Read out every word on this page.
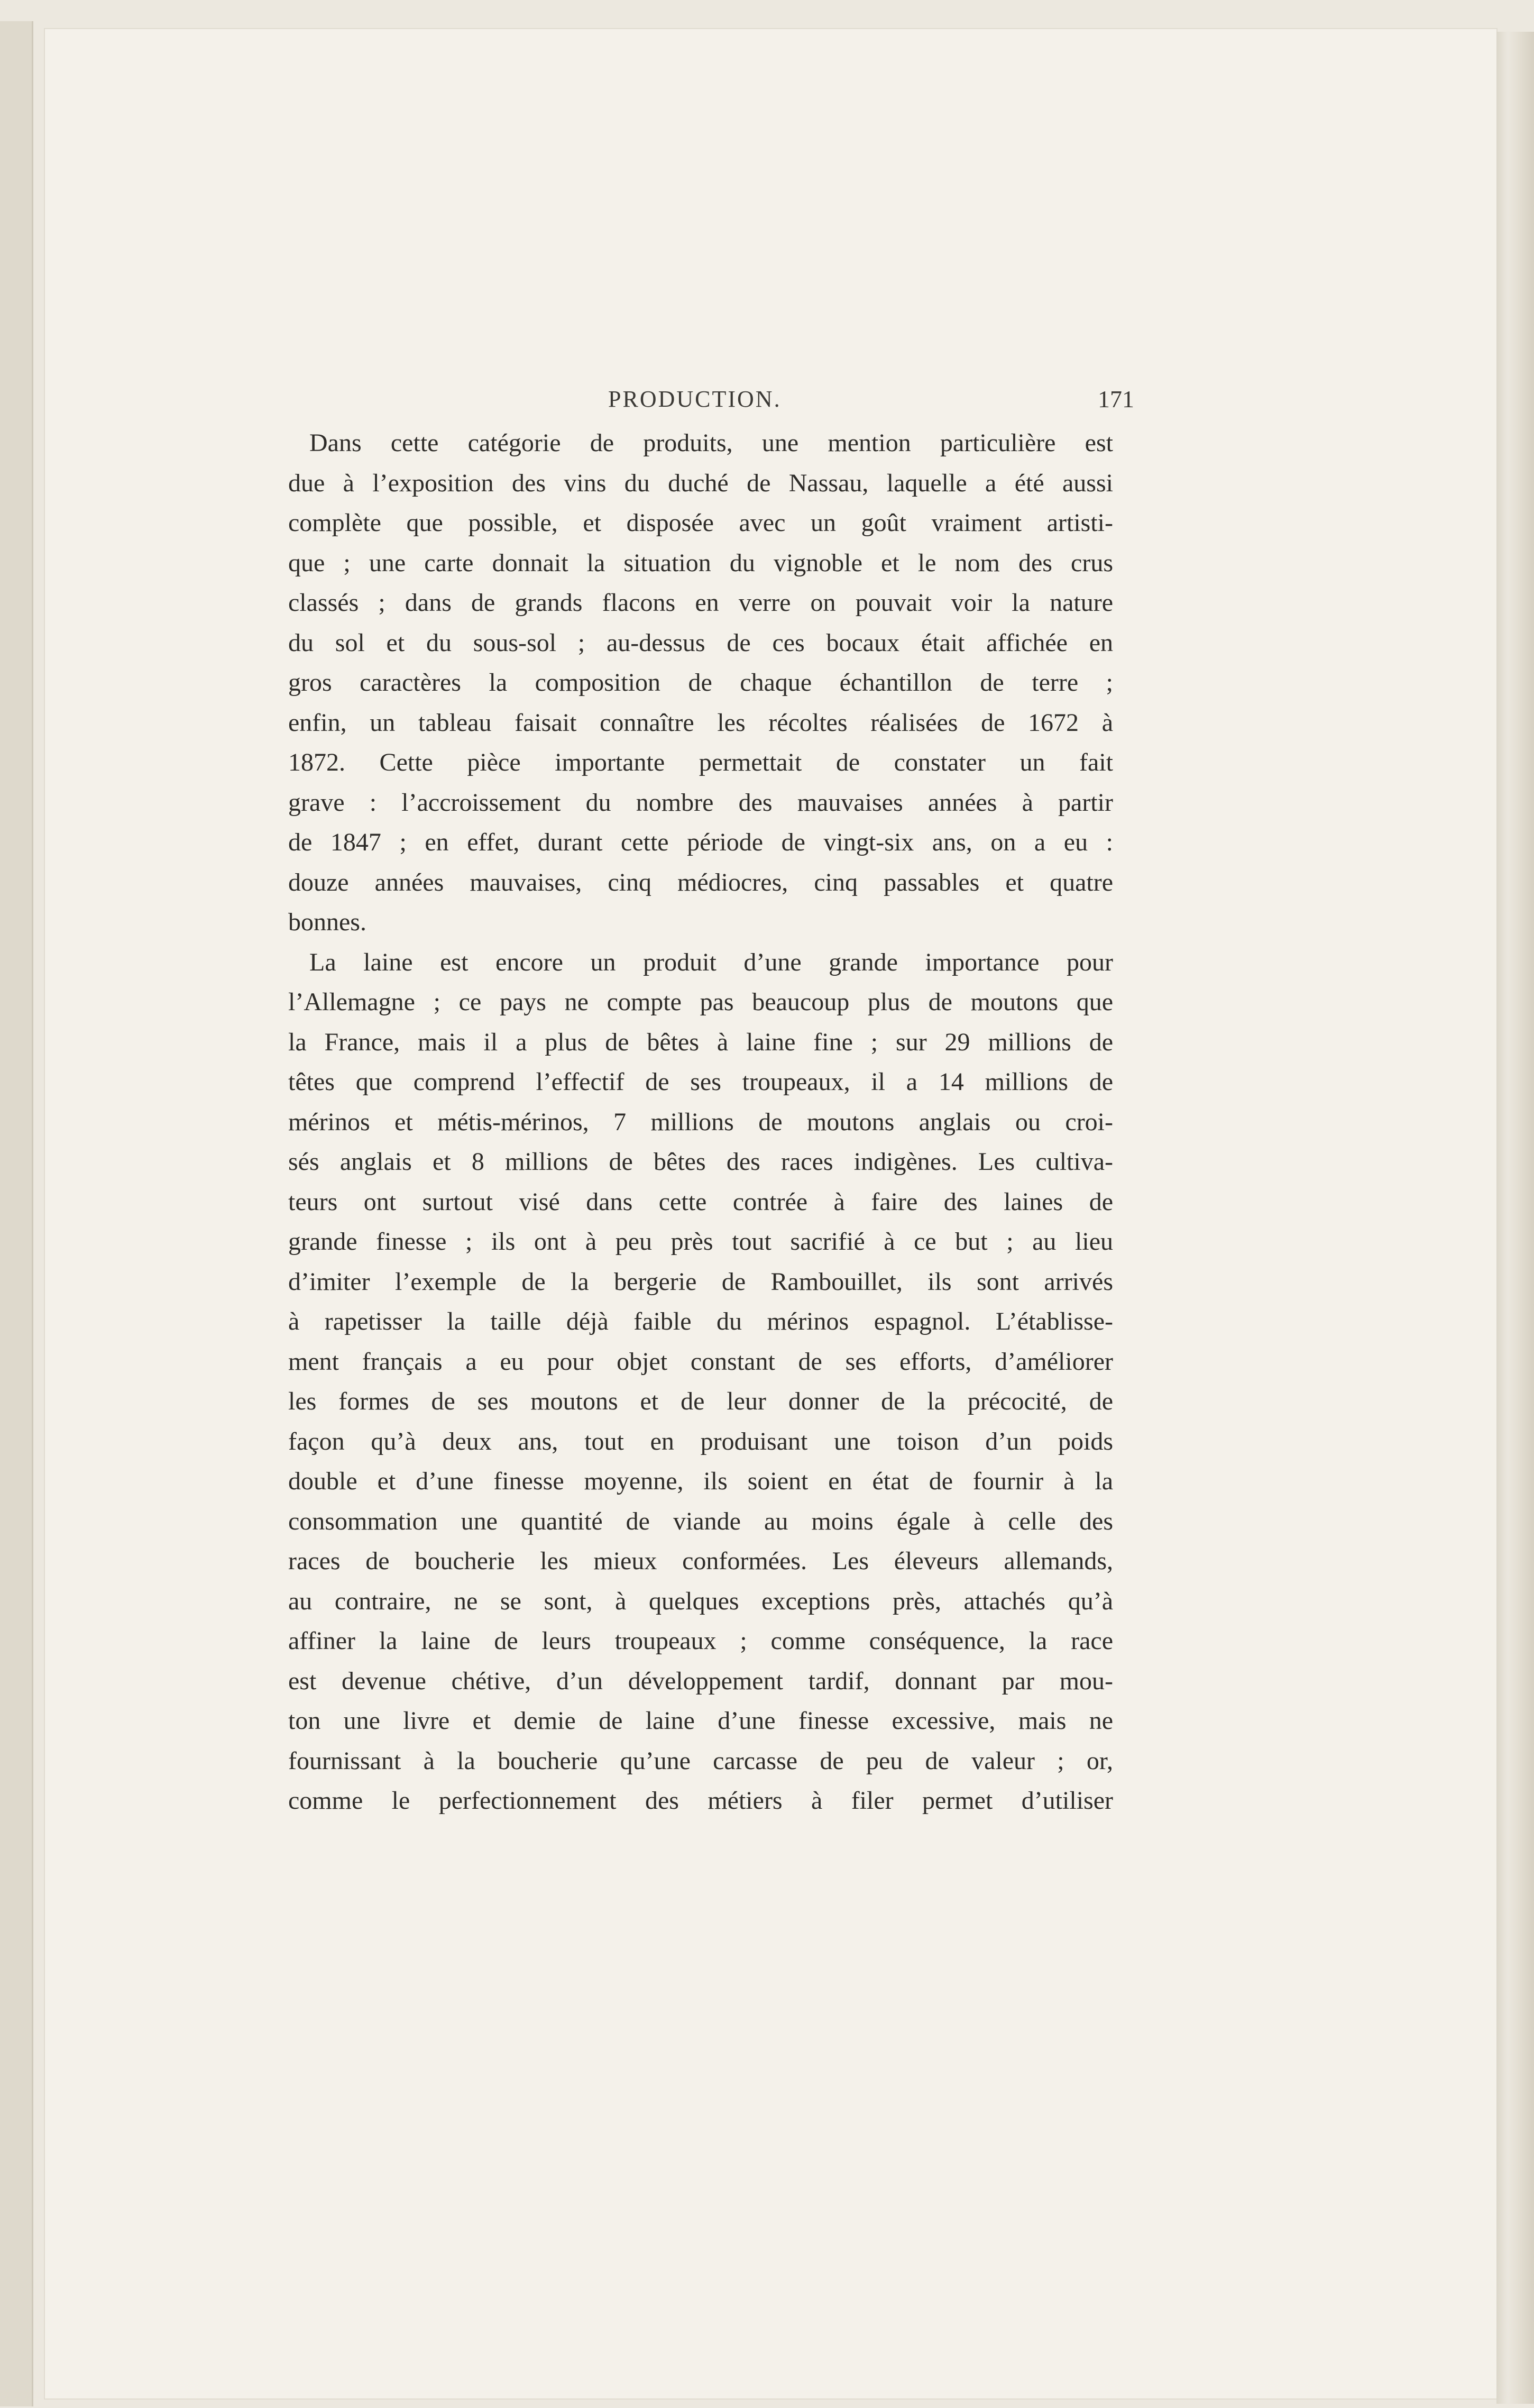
PRODUCTION.	171
Dans cette catégorie de produits, une mention particulière est
due à l’exposition des vins du duché de Nassau, laquelle a été aussi
complète que possible, et disposée avec un goût vraiment artisti-
que ; une carte donnait la situation du vignoble et le nom des crus
classés ; dans de grands flacons en verre on pouvait voir la nature
du sol et du sous-sol ; au-dessus de ces bocaux était affichée en
gros caractères la composition de chaque échantillon de terre ;
enfin, un tableau faisait connaître les récoltes réalisées de 1672 à
1872. Cette pièce importante permettait de constater un fait
grave : l’accroissement du nombre des mauvaises années à partir
de 1847 ; en effet, durant cette période de vingt-six ans, on a eu :
douze années mauvaises, cinq médiocres, cinq passables et quatre
bonnes.
La laine est encore un produit d’une grande importance pour
l’Allemagne ; ce pays ne compte pas beaucoup plus de moutons que
la France, mais il a plus de bêtes à laine fine ; sur 29 millions de
têtes que comprend l’effectif de ses troupeaux, il a 14 millions de
mérinos et métis-mérinos, 7 millions de moutons anglais ou croi-
sés anglais et 8 millions de bêtes des races indigènes. Les cultiva-
teurs ont surtout visé dans cette contrée à faire des laines de
grande finesse ; ils ont à peu près tout sacrifié à ce but ; au lieu
d’imiter l’exemple de la bergerie de Rambouillet, ils sont arrivés
à rapetisser la taille déjà faible du mérinos espagnol. L’établisse-
ment français a eu pour objet constant de ses efforts, d’améliorer
les formes de ses moutons et de leur donner de la précocité, de
façon qu’à deux ans, tout en produisant une toison d’un poids
double et d’une finesse moyenne, ils soient en état de fournir à la
consommation une quantité de viande au moins égale à celle des
races de boucherie les mieux conformées. Les éleveurs allemands,
au contraire, ne se sont, à quelques exceptions près, attachés qu’à
affiner la laine de leurs troupeaux ; comme conséquence, la race
est devenue chétive, d’un développement tardif, donnant par mou-
ton une livre et demie de laine d’une finesse excessive, mais ne
fournissant à la boucherie qu’une carcasse de peu de valeur ; or,
comme le perfectionnement des métiers à filer permet d’utiliser
